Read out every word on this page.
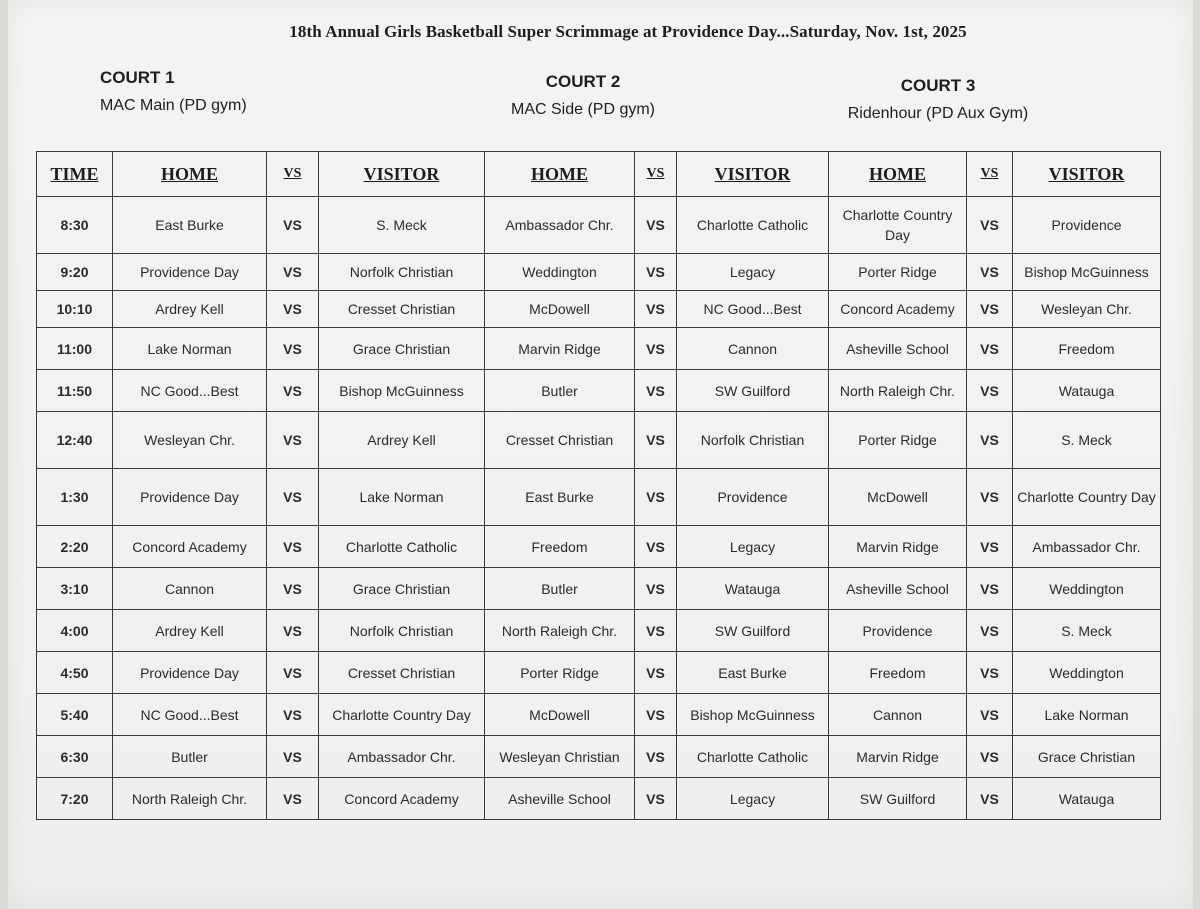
18th Annual Girls Basketball Super Scrimmage at Providence Day...Saturday, Nov. 1st, 2025
COURT 1
MAC Main (PD gym)
COURT 2
MAC Side (PD gym)
COURT 3
Ridenhour (PD Aux Gym)
TIME	HOME	VS	VISITOR	HOME	VS	VISITOR	HOME	VS	VISITOR
8:30	East Burke	VS	S. Meck	Ambassador Chr.	VS	Charlotte Catholic	Charlotte Country Day	VS	Providence
9:20	Providence Day	VS	Norfolk Christian	Weddington	VS	Legacy	Porter Ridge	VS	Bishop McGuinness
10:10	Ardrey Kell	VS	Cresset Christian	McDowell	VS	NC Good...Best	Concord Academy	VS	Wesleyan Chr.
11:00	Lake Norman	VS	Grace Christian	Marvin Ridge	VS	Cannon	Asheville School	VS	Freedom
11:50	NC Good...Best	VS	Bishop McGuinness	Butler	VS	SW Guilford	North Raleigh Chr.	VS	Watauga
12:40	Wesleyan Chr.	VS	Ardrey Kell	Cresset Christian	VS	Norfolk Christian	Porter Ridge	VS	S. Meck
1:30	Providence Day	VS	Lake Norman	East Burke	VS	Providence	McDowell	VS	Charlotte Country Day
2:20	Concord Academy	VS	Charlotte Catholic	Freedom	VS	Legacy	Marvin Ridge	VS	Ambassador Chr.
3:10	Cannon	VS	Grace Christian	Butler	VS	Watauga	Asheville School	VS	Weddington
4:00	Ardrey Kell	VS	Norfolk Christian	North Raleigh Chr.	VS	SW Guilford	Providence	VS	S. Meck
4:50	Providence Day	VS	Cresset Christian	Porter Ridge	VS	East Burke	Freedom	VS	Weddington
5:40	NC Good...Best	VS	Charlotte Country Day	McDowell	VS	Bishop McGuinness	Cannon	VS	Lake Norman
6:30	Butler	VS	Ambassador Chr.	Wesleyan Christian	VS	Charlotte Catholic	Marvin Ridge	VS	Grace Christian
7:20	North Raleigh Chr.	VS	Concord Academy	Asheville School	VS	Legacy	SW Guilford	VS	Watauga
